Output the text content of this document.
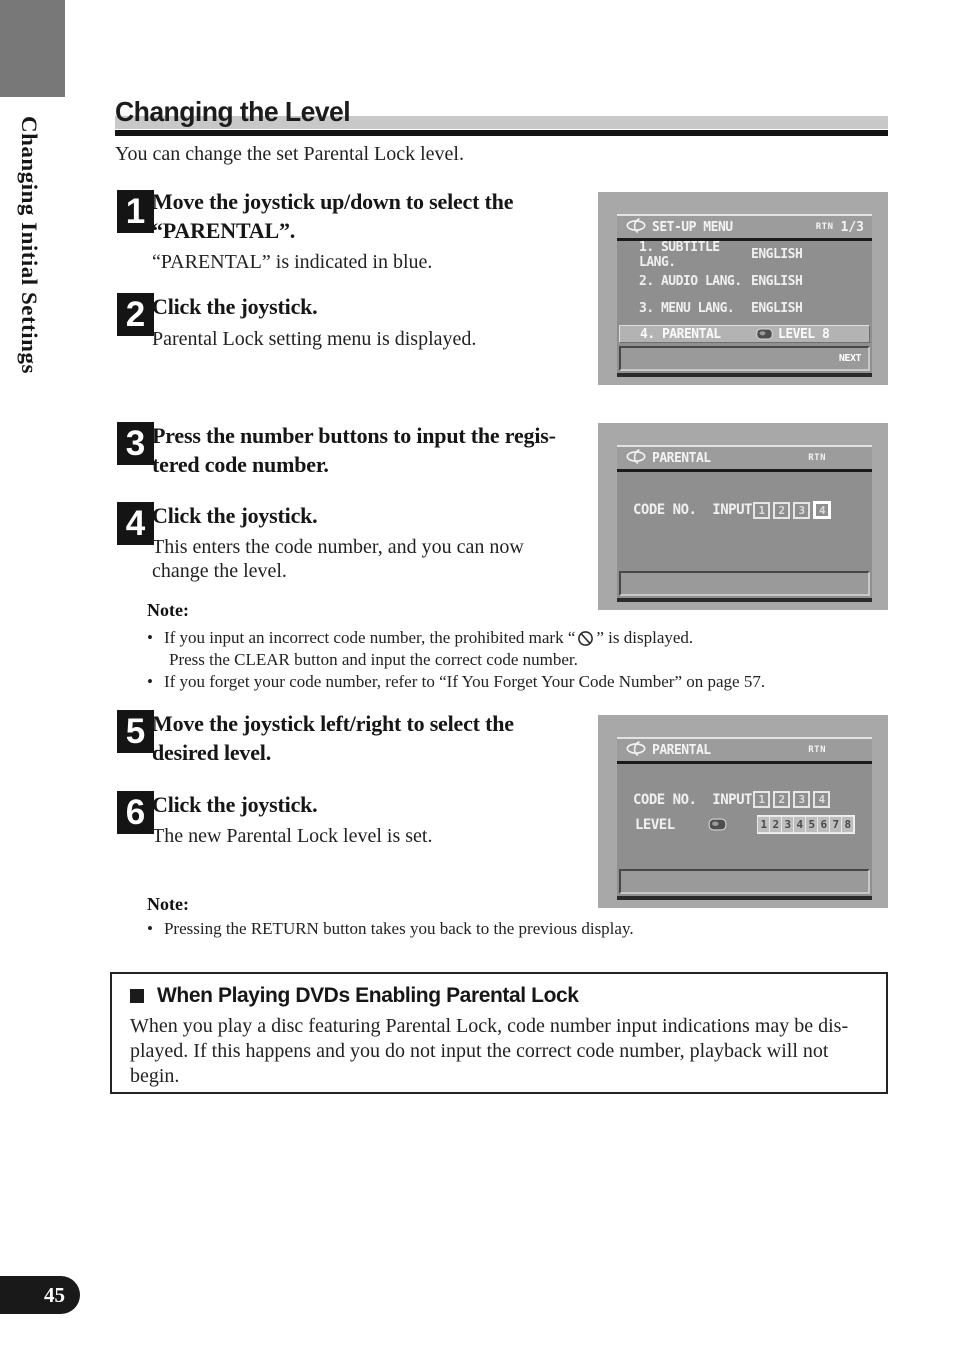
Changing Initial Settings
Changing the Level

You can change the set Parental Lock level.

1 Move the joystick up/down to select the
“PARENTAL”.
“PARENTAL” is indicated in blue.
2 Click the joystick.
Parental Lock setting menu is displayed.
3 Press the number buttons to input the regis-
tered code number.
4 Click the joystick.
This enters the code number, and you can now
change the level.
Note:
• If you input an incorrect code number, the prohibited mark “ ” is displayed.
Press the CLEAR button and input the correct code number.
• If you forget your code number, refer to “If You Forget Your Code Number” on page 57.
5 Move the joystick left/right to select the
desired level.
6 Click the joystick.
The new Parental Lock level is set.
Note:
• Pressing the RETURN button takes you back to the previous display.
SET-UP MENU	RTN 1/3
1. SUBTITLE LANG.	ENGLISH
2. AUDIO LANG. ENGLISH
3. MENU LANG.	ENGLISH
4. PARENTAL	LEVEL 8
NEXT
PARENTAL	RTN
CODE NO.  INPUT 1	2	3	4
PARENTAL	RTN
CODE NO.  INPUT 1	2	3	4
LEVEL	1 2 3 4 5 6 7 8
When Playing DVDs Enabling Parental Lock
When you play a disc featuring Parental Lock, code number input indications may be dis-
played. If this happens and you do not input the correct code number, playback will not
begin.
45
